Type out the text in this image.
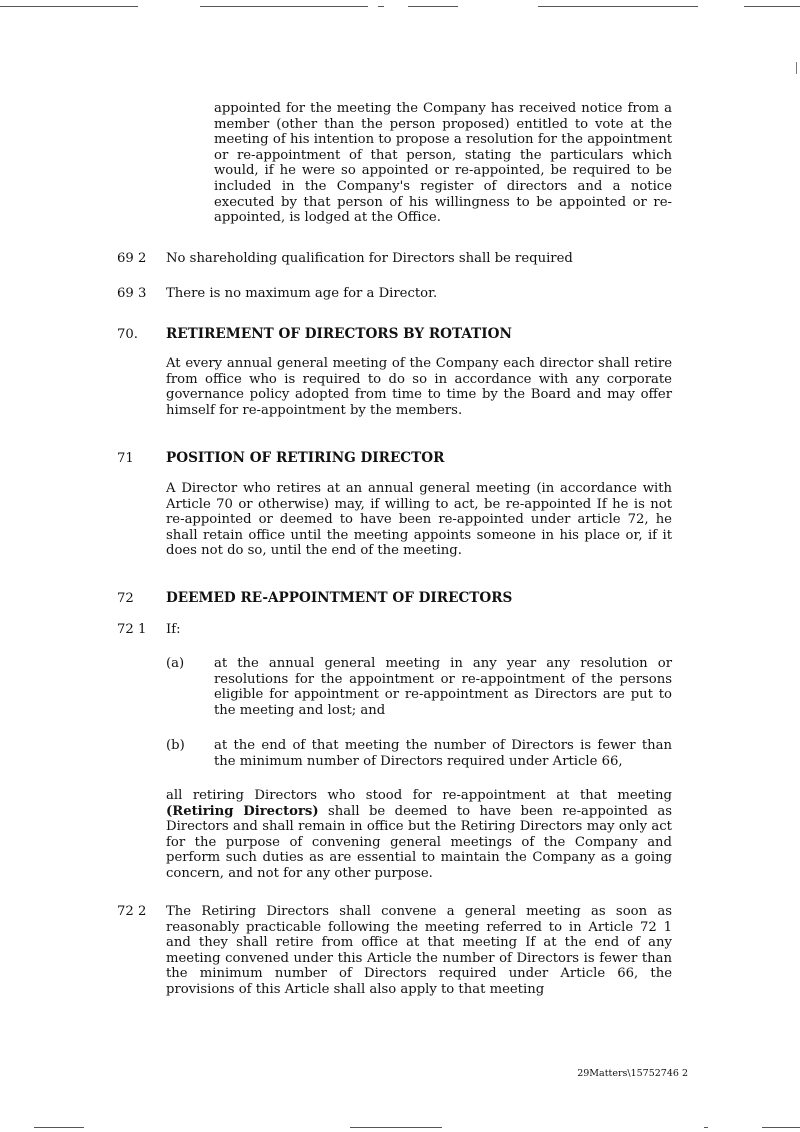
appointed for the meeting the Company has received notice from a member (other than the person proposed) entitled to vote at the meeting of his intention to propose a resolution for the appointment or re-appointment of that person, stating the particulars which would, if he were so appointed or re-appointed, be required to be included in the Company's register of directors and a notice executed by that person of his willingness to be appointed or re-appointed, is lodged at the Office.

69 2 No shareholding qualification for Directors shall be required

69 3 There is no maximum age for a Director.

70. RETIREMENT OF DIRECTORS BY ROTATION

At every annual general meeting of the Company each director shall retire from office who is required to do so in accordance with any corporate governance policy adopted from time to time by the Board and may offer himself for re-appointment by the members.

71 POSITION OF RETIRING DIRECTOR

A Director who retires at an annual general meeting (in accordance with Article 70 or otherwise) may, if willing to act, be re-appointed If he is not re-appointed or deemed to have been re-appointed under article 72, he shall retain office until the meeting appoints someone in his place or, if it does not do so, until the end of the meeting.

72 DEEMED RE-APPOINTMENT OF DIRECTORS

72 1 If:

(a) at the annual general meeting in any year any resolution or resolutions for the appointment or re-appointment of the persons eligible for appointment or re-appointment as Directors are put to the meeting and lost; and

(b) at the end of that meeting the number of Directors is fewer than the minimum number of Directors required under Article 66,

all retiring Directors who stood for re-appointment at that meeting (Retiring Directors) shall be deemed to have been re-appointed as Directors and shall remain in office but the Retiring Directors may only act for the purpose of convening general meetings of the Company and perform such duties as are essential to maintain the Company as a going concern, and not for any other purpose.

72 2 The Retiring Directors shall convene a general meeting as soon as reasonably practicable following the meeting referred to in Article 72 1 and they shall retire from office at that meeting If at the end of any meeting convened under this Article the number of Directors is fewer than the minimum number of Directors required under Article 66, the provisions of this Article shall also apply to that meeting

29Matters\15752746 2
